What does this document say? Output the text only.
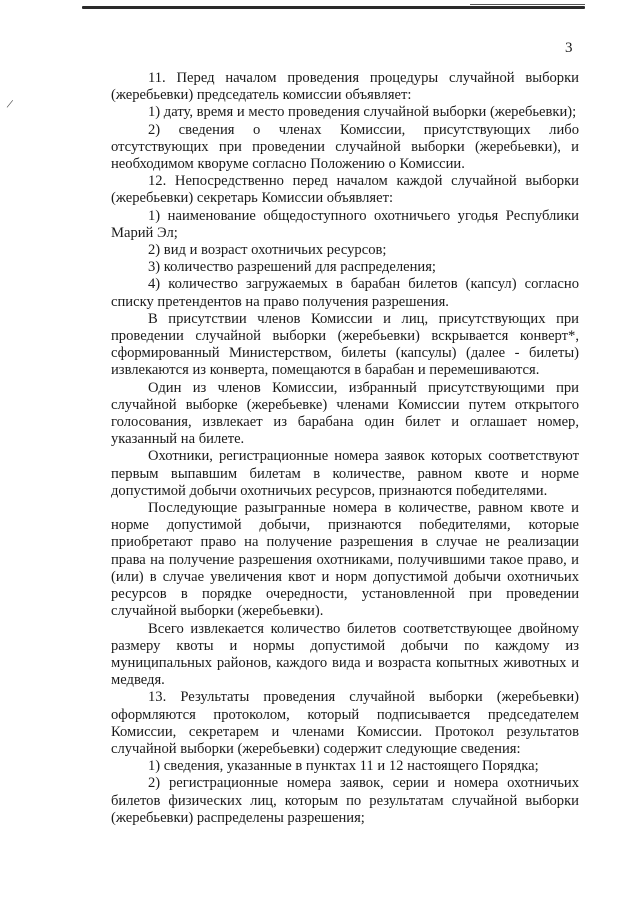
3
/

11. Перед началом проведения процедуры случайной выборки (жеребьевки) председатель комиссии объявляет:

1) дату, время и место проведения случайной выборки (жеребьевки);

2) сведения о членах Комиссии, присутствующих либо отсутствующих при проведении случайной выборки (жеребьевки), и необходимом кворуме согласно Положению о Комиссии.

12. Непосредственно перед началом каждой случайной выборки (жеребьевки) секретарь Комиссии объявляет:

1) наименование общедоступного охотничьего угодья Республики Марий Эл;

2) вид и возраст охотничьих ресурсов;

3) количество разрешений для распределения;

4) количество загружаемых в барабан билетов (капсул) согласно списку претендентов на право получения разрешения.

В присутствии членов Комиссии и лиц, присутствующих при проведении случайной выборки (жеребьевки) вскрывается конверт*, сформированный Министерством, билеты (капсулы) (далее - билеты) извлекаются из конверта, помещаются в барабан и перемешиваются.

Один из членов Комиссии, избранный присутствующими при случайной выборке (жеребьевке) членами Комиссии путем открытого голосования, извлекает из барабана один билет и оглашает номер, указанный на билете.

Охотники, регистрационные номера заявок которых соответствуют первым выпавшим билетам в количестве, равном квоте и норме допустимой добычи охотничьих ресурсов, признаются победителями.

Последующие разыгранные номера в количестве, равном квоте и норме допустимой добычи, признаются победителями, которые приобретают право на получение разрешения в случае не реализации права на получение разрешения охотниками, получившими такое право, и (или) в случае увеличения квот и норм допустимой добычи охотничьих ресурсов в порядке очередности, установленной при проведении случайной выборки (жеребьевки).

Всего извлекается количество билетов соответствующее двойному размеру квоты и нормы допустимой добычи по каждому из муниципальных районов, каждого вида и возраста копытных животных и медведя.

13. Результаты проведения случайной выборки (жеребьевки) оформляются протоколом, который подписывается председателем Комиссии, секретарем и членами Комиссии. Протокол результатов случайной выборки (жеребьевки) содержит следующие сведения:

1) сведения, указанные в пунктах 11 и 12 настоящего Порядка;

2) регистрационные номера заявок, серии и номера охотничьих билетов физических лиц, которым по результатам случайной выборки (жеребьевки) распределены разрешения;
